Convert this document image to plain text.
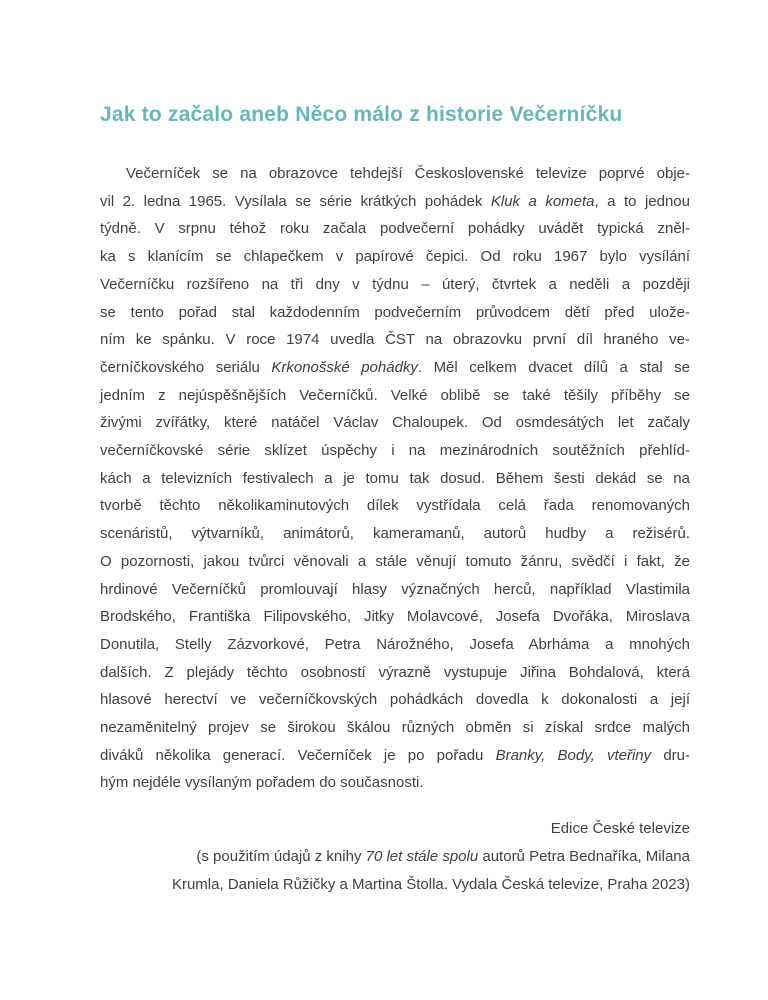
Jak to začalo aneb Něco málo z historie Večerníčku
Večerníček se na obrazovce tehdejší Československé televize poprvé obje-
vil 2. ledna 1965. Vysílala se série krátkých pohádek Kluk a kometa, a to jednou
týdně. V srpnu téhož roku začala podvečerní pohádky uvádět typická zněl-
ka s klanícím se chlapečkem v papírové čepici. Od roku 1967 bylo vysílání
Večerníčku rozšířeno na tři dny v týdnu – úterý, čtvrtek a neděli a později
se tento pořad stal každodenním podvečerním průvodcem dětí před ulože-
ním ke spánku. V roce 1974 uvedla ČST na obrazovku první díl hraného ve-
černíčkovského seriálu Krkonošské pohádky. Měl celkem dvacet dílů a stal se
jedním z nejúspěšnějších Večerníčků. Velké oblibě se také těšily příběhy se
živými zvířátky, které natáčel Václav Chaloupek. Od osmdesátých let začaly
večerníčkovské série sklízet úspěchy i na mezinárodních soutěžních přehlíd-
kách a televizních festivalech a je tomu tak dosud. Během šesti dekád se na
tvorbě těchto několikaminutových dílek vystřídala celá řada renomovaných
scenáristů, výtvarníků, animátorů, kameramanů, autorů hudby a režisérů.
O pozornosti, jakou tvůrci věnovali a stále věnují tomuto žánru, svědčí i fakt, že
hrdinové Večerníčků promlouvají hlasy význačných herců, například Vlastimila
Brodského, Františka Filipovského, Jitky Molavcové, Josefa Dvořáka, Miroslava
Donutila, Stelly Zázvorkové, Petra Nárožného, Josefa Abrháma a mnohých
dalších. Z plejády těchto osobností výrazně vystupuje Jiřina Bohdalová, která
hlasové herectví ve večerníčkovských pohádkách dovedla k dokonalosti a její
nezaměnitelný projev se širokou škálou různých obměn si získal srdce malých
diváků několika generací. Večerníček je po pořadu Branky, Body, vteřiny dru-
hým nejdéle vysílaným pořadem do současnosti.
Edice České televize
(s použitím údajů z knihy 70 let stále spolu autorů Petra Bednaříka, Milana
Krumla, Daniela Růžičky a Martina Štolla. Vydala Česká televize, Praha 2023)
